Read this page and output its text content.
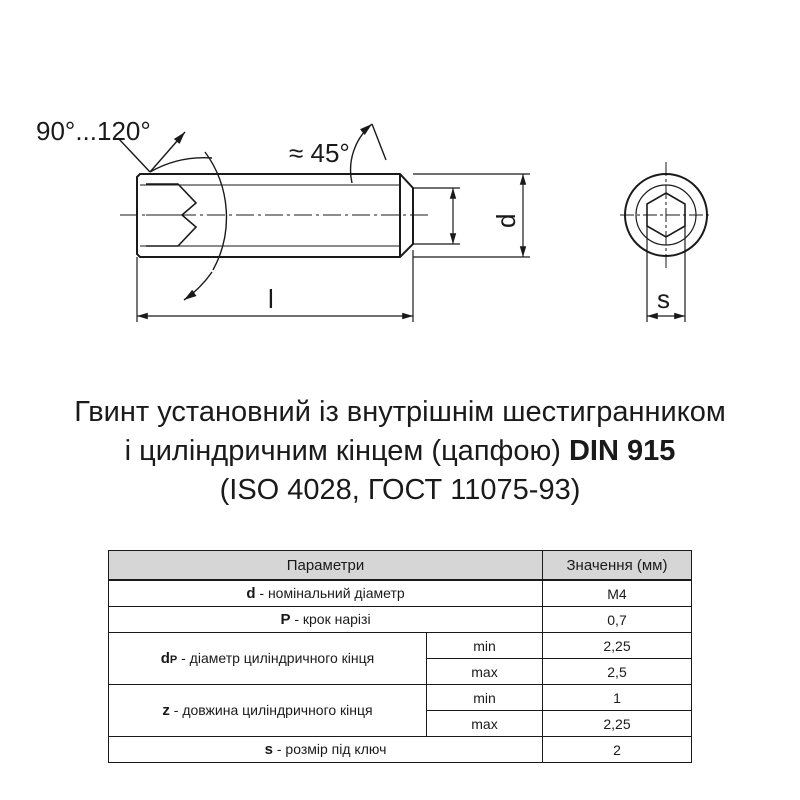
90°...120°
≈ 45°
d
l	s
Гвинт установний із внутрішнім шестигранником
і циліндричним кінцем (цапфою) DIN 915
(ISO 4028, ГОСТ 11075-93)
Параметри		Значення (мм)
d - номінальний діаметр		M4
P - крок нарізі		0,7
dP - діаметр циліндричного кінця	min	2,25
	max	2,5
z - довжина циліндричного кінця	min	1
	max	2,25
s - розмір під ключ		2
